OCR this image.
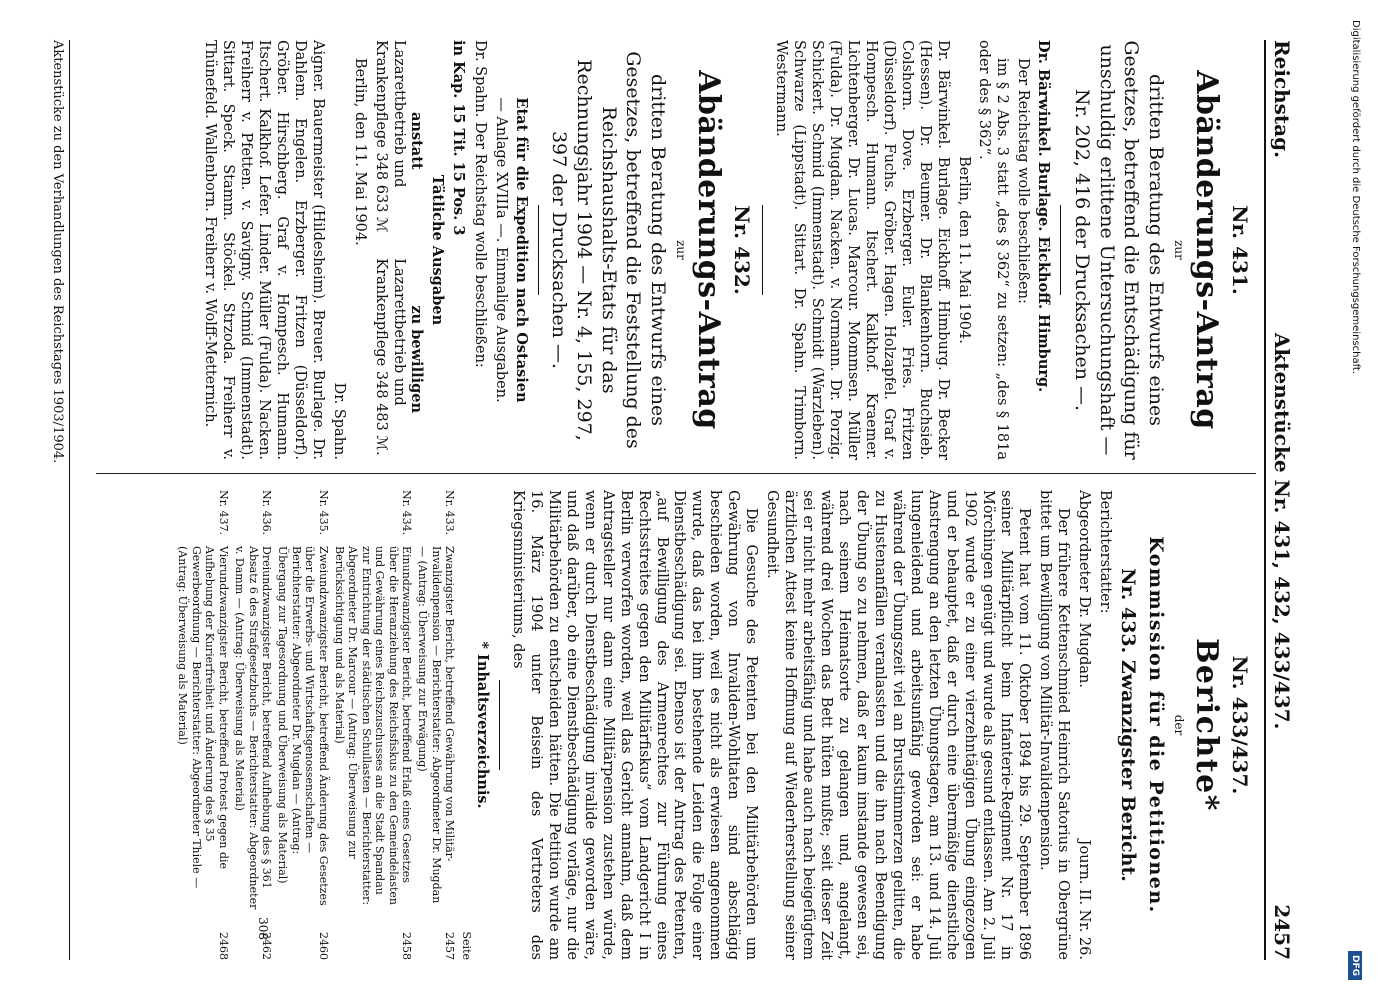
Reichstag.
Aktenstücke Nr. 431, 432, 433/437.
2457
Nr. 431.
Abänderungs-Antrag
zur
dritten Beratung des Entwurfs eines Gesetzes, betreffend die Entschädigung für unschuldig erlittene Untersuchungshaft — Nr. 202, 416 der Drucksachen —.

Dr. Bärwinkel. Burlage. Eickhoff. Himburg.

Der Reichstag wolle beschließen:

im § 2 Abs. 3 statt „des § 362“ zu setzen: „des § 181a oder des § 362“.

Berlin, den 11. Mai 1904.

Dr. Bärwinkel. Burlage. Eickhoff. Himburg. Dr. Becker (Hessen). Dr. Beumer. Dr. Blankenhorn. Buchsieb. Colshorn. Dove. Erzberger. Euler. Fries. Fritzen (Düsseldorf). Fuchs. Gröber. Hagen. Holzapfel. Graf v. Hompesch. Humann. Itschert. Kalkhof. Kraemer. Lichtenberger. Dr. Lucas. Marcour. Mommsen. Müller (Fulda). Dr. Mugdan. Nacken. v. Normann. Dr. Porzig. Schickert. Schmid (Immenstadt). Schmidt (Warzleben). Schwarze (Lippstadt). Sittart. Dr. Spahn. Trimborn. Westermann.

Nr. 432.
Abänderungs-Antrag
zur
dritten Beratung des Entwurfs eines Gesetzes, betreffend die Feststellung des Reichshaushalts-Etats für das Rechnungsjahr 1904 — Nr. 4, 155, 297, 397 der Drucksachen —.

Etat für die Expedition nach Ostasien

— Anlage XVIIIa —. Einmalige Ausgaben.

Dr. Spahn. Der Reichstag wolle beschließen:

in Kap. 15 Tit. 15 Pos. 3

Tätliche Ausgaben

anstatt
Lazarettbetrieb und Krankenpflege 348 633 ℳ
zu bewilligen
Lazarettbetrieb und Krankenpflege 348 483 ℳ.

Berlin, den 11. Mai 1904.

Dr. Spahn.

Aigner. Bauermeister (Hildesheim). Breuer. Burlage. Dr. Dahlem. Engelen. Erzberger. Fritzen (Düsseldorf). Gröber. Hirschberg. Graf v. Hompesch. Humann. Itschert. Kalkhof. Lefer. Linder. Müller (Fulda). Nacken. Freiherr v. Pfetten. v. Savigny. Schmid (Immenstadt). Sittart. Speck. Stamm. Stöckel. Strzoda. Freiherr v. Thünefeld. Wallenborn. Freiherr v. Wolff-Metternich.

Nr. 433/437.
Berichte*
der
Kommission für die Petitionen.
Nr. 433. Zwanzigster Bericht.

Berichterstatter:

Abgeordneter Dr. Mugdan.
Journ. II. Nr. 26.

Der frühere Kettenschmied Heinrich Satorius in Obergrüne bittet um Bewilligung von Militär-Invalidenpension.

Petent hat vom 11. Oktober 1894 bis 29. September 1896 seiner Militärpflicht beim Infanterie-Regiment Nr. 17 in Mörchingen genügt und wurde als gesund entlassen. Am 2. Juli 1902 wurde er zu einer vierzehntägigen Übung eingezogen und er behauptet, daß er durch eine übermäßige dienstliche Anstrengung an den letzten Übungstagen, am 13. und 14. Juli lungenleidend und arbeitsunfähig geworden sei: er habe während der Übungszeit viel an Bruststimmerzen gelitten, die zu Hustenanfällen veranlassten und die ihn nach Beendigung der Übung so zu nehmen, daß er kaum imstande gewesen sei, nach seinem Heimatsorte zu gelangen und, angelangt, während drei Wochen das Bett hüten mußte; seit dieser Zeit sei er nicht mehr arbeitsfähig und habe auch nach beigefügtem ärztlichen Attest keine Hoffnung auf Wiederherstellung seiner Gesundheit.

Die Gesuche des Petenten bei den Militärbehörden um Gewährung von Invaliden-Wohltaten sind abschlägig beschieden worden, weil es nicht als erwiesen angenommen wurde, daß das bei ihm bestehende Leiden die Folge einer Dienstbeschädigung sei. Ebenso ist der Antrag des Petenten, „auf Bewilligung des Armenrechtes zur Führung eines Rechtsstreites gegen den Militärfiskus“ vom Landgericht I in Berlin verworfen worden, weil das Gericht annahm, daß dem Antragsteller nur dann eine Militärpension zustehen würde, wenn er durch Dienstbeschädigung invalide geworden wäre, und daß darüber, ob eine Dienstbeschädigung vorläge, nur die Militärbehörden zu entscheiden hätten. Die Petition wurde am 16. März 1904 unter Beisein des Vertreters des Kriegsministeriums, des

* Inhaltsverzeichnis.
Seite
Nr. 433.
Zwanzigster Bericht, betreffend Gewährung von Militär-Invalidenpension — Berichterstatter: Abgeordneter Dr. Mugdan — (Antrag: Überweisung zur Erwägung)
2457
Nr. 434.
Einundzwanzigster Bericht, betreffend Erlaß eines Gesetzes über die Heranziehung des Reichsfiskus zu den Gemeindelasten und Gewährung eines Reichszuschusses an die Stadt Spandau zur Entrichtung der städtischen Schullasten — Berichterstatter: Abgeordneter Dr. Marcour — (Antrag: Überweisung zur Berücksichtigung und als Material)
2458
Nr. 435.
Zweiundzwanzigster Bericht, betreffend Änderung des Gesetzes über die Erwerbs- und Wirtschaftsgenossenschaften — Berichterstatter: Abgeordneter Dr. Mugdan — (Antrag: Übergang zur Tagesordnung und Überweisung als Material)
2460
Nr. 436.
Dreiundzwanzigster Bericht, betreffend Aufhebung des § 361 Absatz 6 des Strafgesetzbuchs — Berichterstatter: Abgeordneter v. Damm — (Antrag: Überweisung als Material)
2462
Nr. 437.
Vierundzwanzigster Bericht, betreffend Protest gegen die Aufhebung der Kurierfreiheit und Änderung des § 35 Gewerbeordnung — Berichterstatter: Abgeordneter Thiele — (Antrag: Überweisung als Material)
2468
308
Aktenstücke zu den Verhandlungen des Reichstages 1903/1904.	Digitalisierung gefördert durch die Deutsche Forschungsgemeinschaft.
DFG
